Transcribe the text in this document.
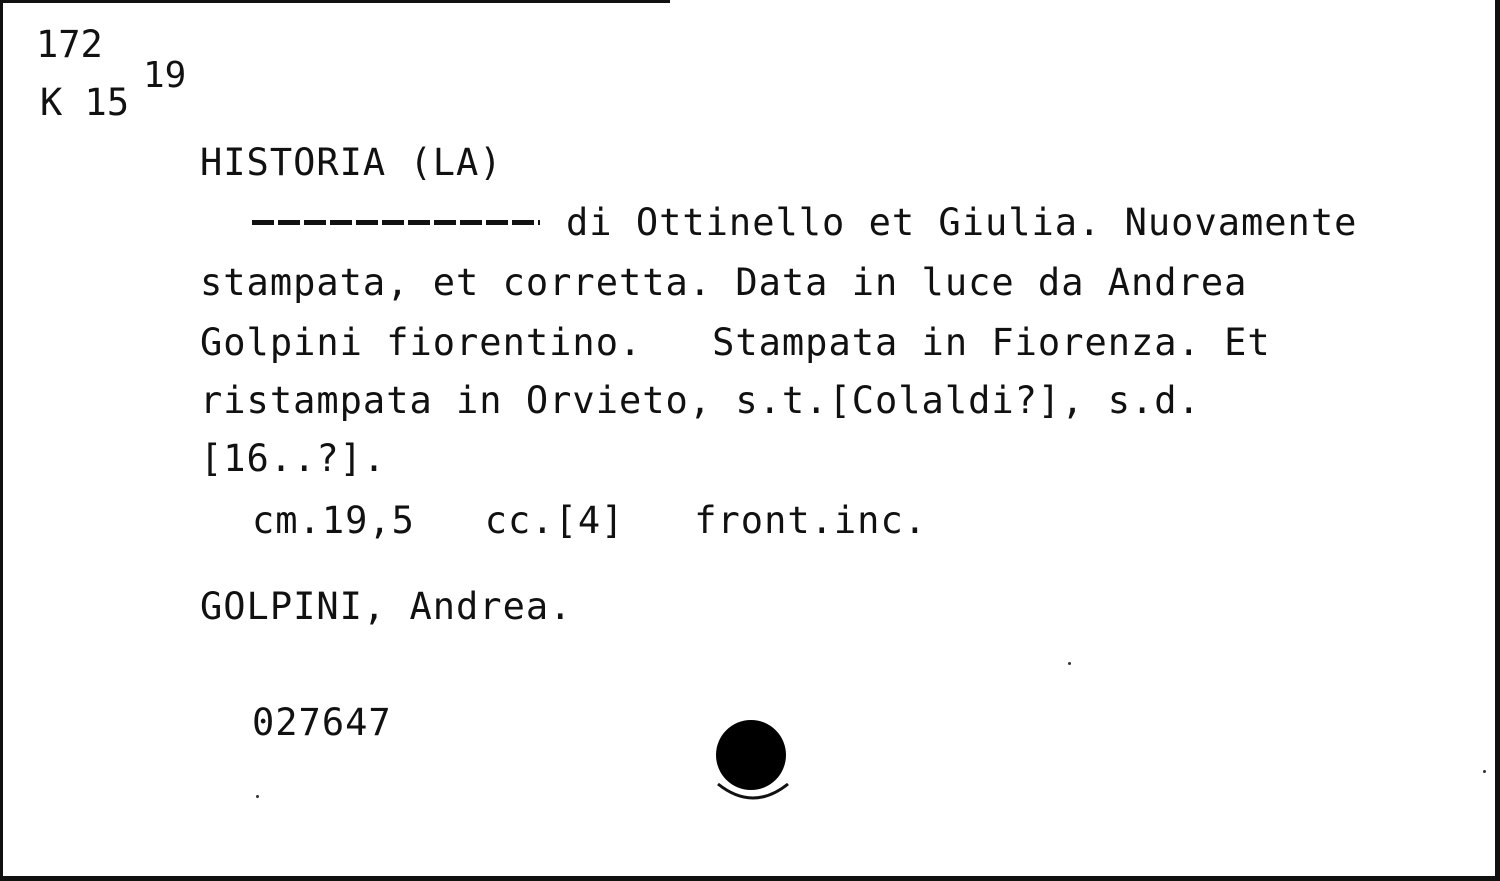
172
K 15
19
HISTORIA (LA)
di Ottinello et Giulia. Nuovamente
stampata, et corretta. Data in luce da Andrea
Golpini fiorentino.   Stampata in Fiorenza. Et
ristampata in Orvieto, s.t.[Colaldi?], s.d.
[16..?].
cm.19,5   cc.[4]   front.inc.
GOLPINI, Andrea.
027647
